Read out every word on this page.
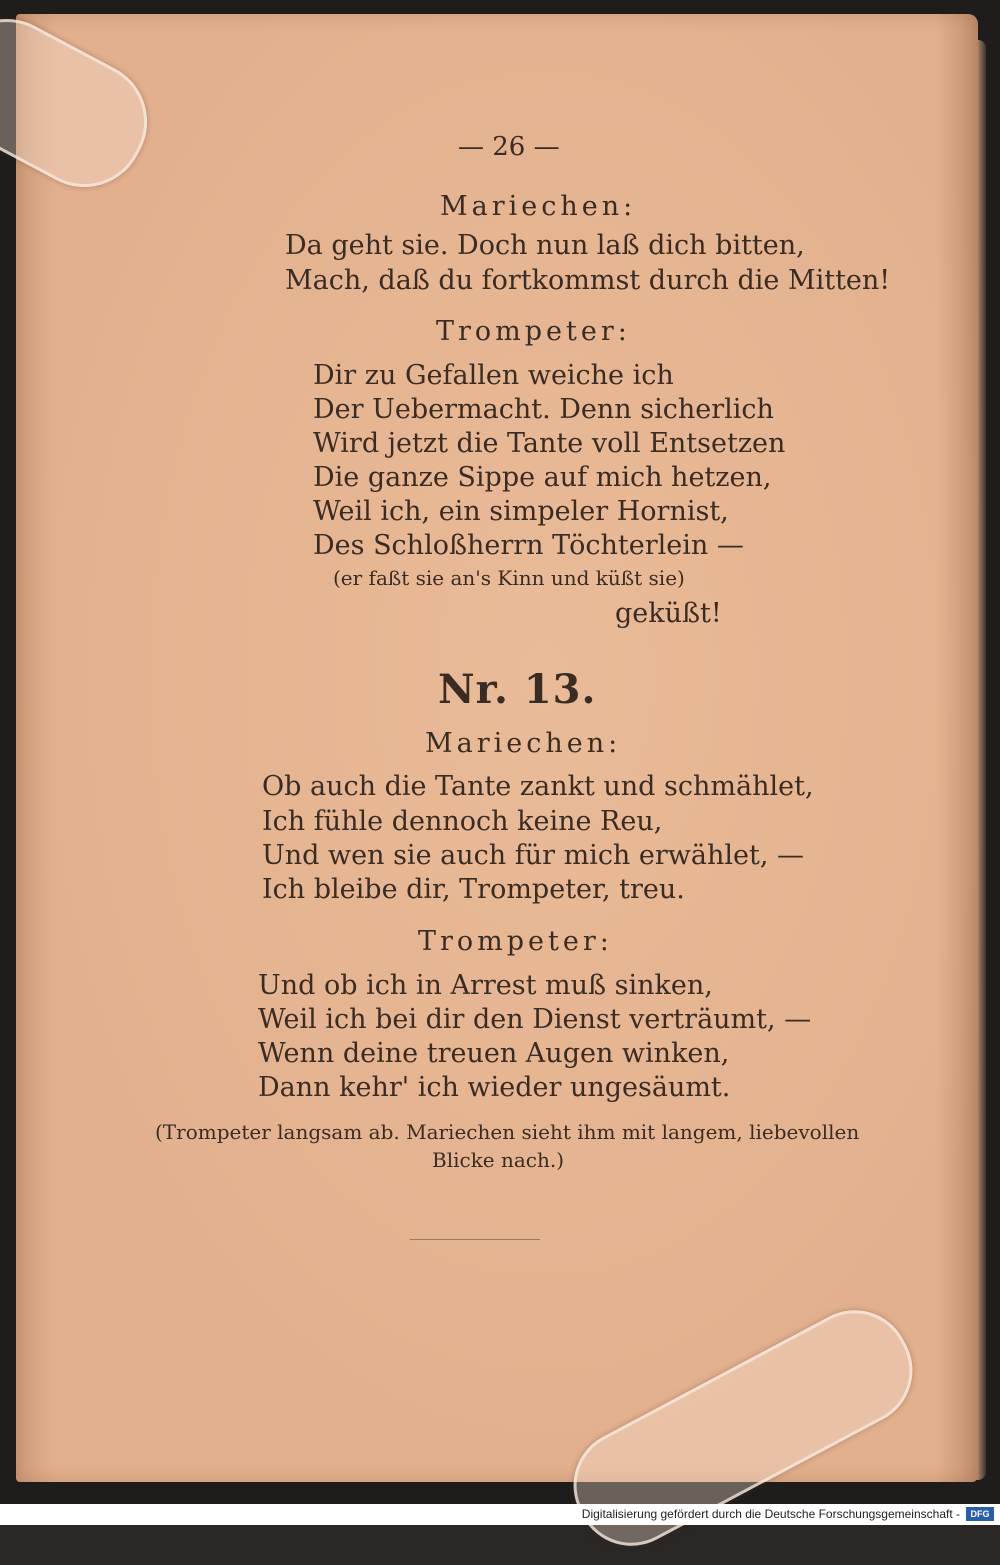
— 26 —
Mariechen:
Da geht sie. Doch nun laß dich bitten,
Mach, daß du fortkommst durch die Mitten!
Trompeter:
Dir zu Gefallen weiche ich
Der Uebermacht. Denn sicherlich
Wird jetzt die Tante voll Entsetzen
Die ganze Sippe auf mich hetzen,
Weil ich, ein simpeler Hornist,
Des Schloßherrn Töchterlein —
(er faßt sie an's Kinn und küßt sie)
geküßt!
Nr. 13.
Mariechen:
Ob auch die Tante zankt und schmählet,
Ich fühle dennoch keine Reu,
Und wen sie auch für mich erwählet, —
Ich bleibe dir, Trompeter, treu.
Trompeter:
Und ob ich in Arrest muß sinken,
Weil ich bei dir den Dienst verträumt, —
Wenn deine treuen Augen winken,
Dann kehr' ich wieder ungesäumt.
(Trompeter langsam ab. Mariechen sieht ihm mit langem, liebevollen
Blicke nach.)
Digitalisierung gefördert durch die Deutsche Forschungsgemeinschaft -	DFG
